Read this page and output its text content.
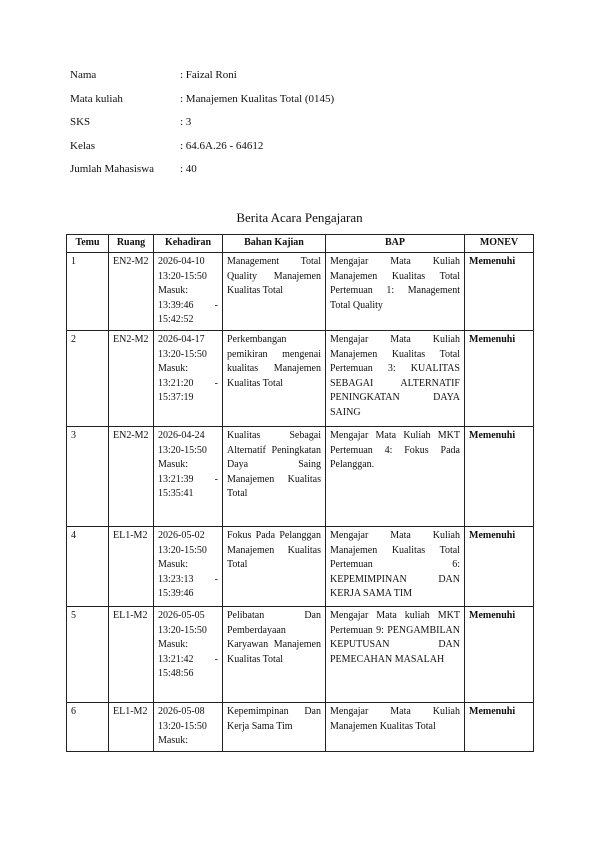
Nama	: Faizal Roni
Mata kuliah	: Manajemen Kualitas Total (0145)
SKS	: 3
Kelas	: 64.6A.26 - 64612
Jumlah Mahasiswa	: 40
Berita Acara Pengajaran
Temu	Ruang	Kehadiran	Bahan Kajian	BAP	MONEV
1	EN2-M2	2026-04-10
13:20-15:50
Masuk:
13:39:46 - 15:42:52	Management Total Quality Manajemen Kualitas Total	Mengajar Mata Kuliah Manajemen Kualitas Total Pertemuan 1: Management Total Quality	Memenuhi
2	EN2-M2	2026-04-17
13:20-15:50
Masuk:
13:21:20 - 15:37:19	Perkembangan pemikiran mengenai kualitas Manajemen Kualitas Total	Mengajar Mata Kuliah Manajemen Kualitas Total Pertemuan 3: KUALITAS SEBAGAI ALTERNATIF PENINGKATAN DAYA SAING	Memenuhi
3	EN2-M2	2026-04-24
13:20-15:50
Masuk:
13:21:39 - 15:35:41	Kualitas Sebagai Alternatif Peningkatan Daya Saing Manajemen Kualitas Total	Mengajar Mata Kuliah MKT Pertemuan 4: Fokus Pada Pelanggan.	Memenuhi
4	EL1-M2	2026-05-02
13:20-15:50
Masuk:
13:23:13 - 15:39:46	Fokus Pada Pelanggan Manajemen Kualitas Total	Mengajar Mata Kuliah Manajemen Kualitas Total Pertemuan 6: KEPEMIMPINAN DAN KERJA SAMA TIM	Memenuhi
5	EL1-M2	2026-05-05
13:20-15:50
Masuk:
13:21:42 - 15:48:56	Pelibatan Dan Pemberdayaan Karyawan Manajemen Kualitas Total	Mengajar Mata kuliah MKT Pertemuan 9: PENGAMBILAN KEPUTUSAN DAN PEMECAHAN MASALAH	Memenuhi
6	EL1-M2	2026-05-08
13:20-15:50
Masuk:	Kepemimpinan Dan Kerja Sama Tim	Mengajar Mata Kuliah Manajemen Kualitas Total	Memenuhi
